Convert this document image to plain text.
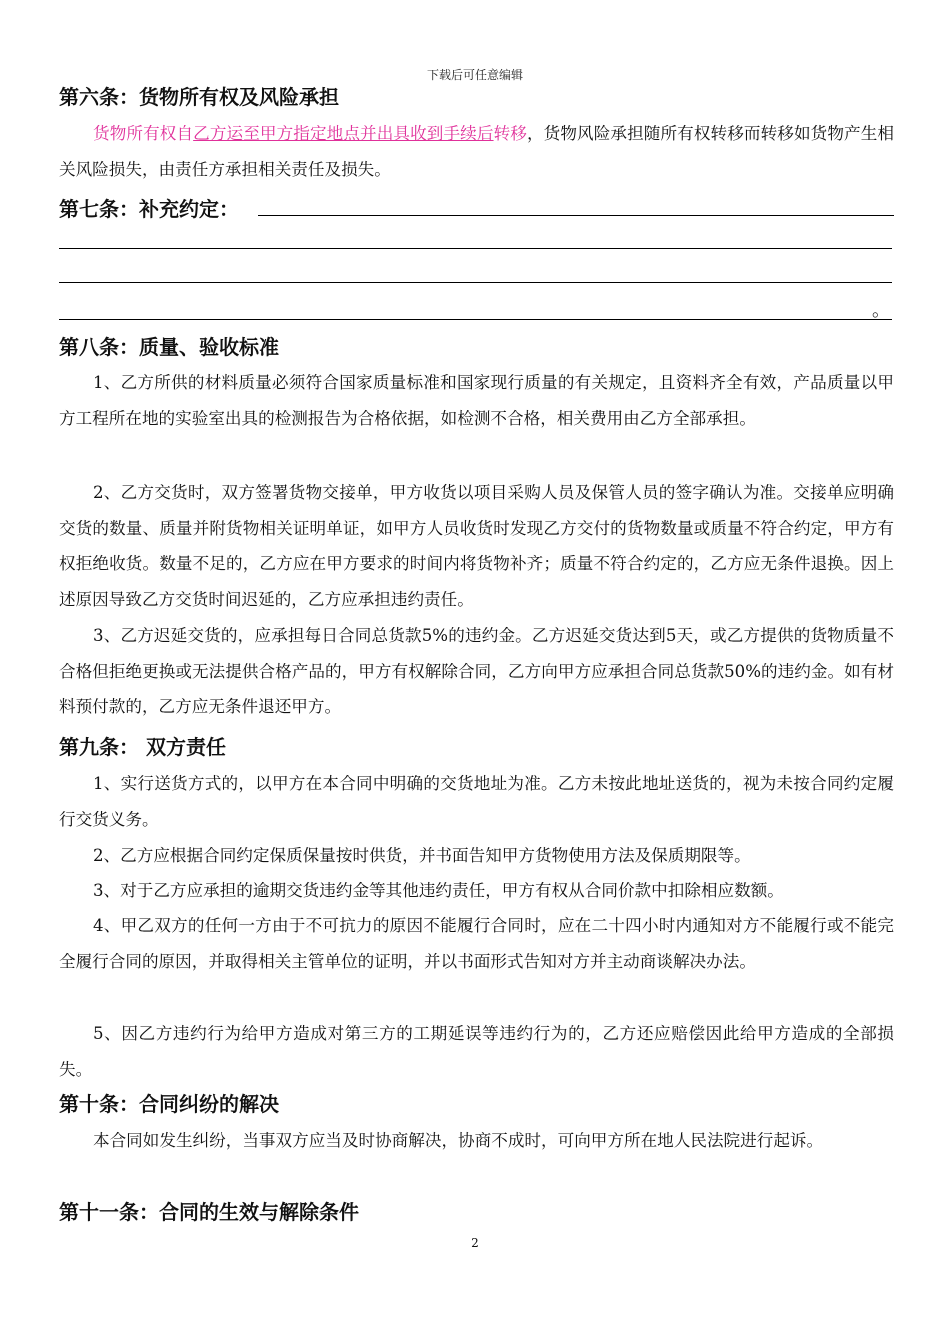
下载后可任意编辑
第六条：货物所有权及风险承担
货物所有权自乙方运至甲方指定地点并出具收到手续后转移，货物风险承担随所有权转移而转移如货物产生相关风险损失，由责任方承担相关责任及损失。
第七条：补充约定：
。
第八条：质量、验收标准
1、乙方所供的材料质量必须符合国家质量标准和国家现行质量的有关规定，且资料齐全有效，产品质量以甲方工程所在地的实验室出具的检测报告为合格依据，如检测不合格，相关费用由乙方全部承担。
2、乙方交货时，双方签署货物交接单，甲方收货以项目采购人员及保管人员的签字确认为准。交接单应明确交货的数量、质量并附货物相关证明单证，如甲方人员收货时发现乙方交付的货物数量或质量不符合约定，甲方有权拒绝收货。数量不足的，乙方应在甲方要求的时间内将货物补齐；质量不符合约定的，乙方应无条件退换。因上述原因导致乙方交货时间迟延的，乙方应承担违约责任。
3、乙方迟延交货的，应承担每日合同总货款5%的违约金。乙方迟延交货达到5天，或乙方提供的货物质量不合格但拒绝更换或无法提供合格产品的，甲方有权解除合同，乙方向甲方应承担合同总货款50%的违约金。如有材料预付款的，乙方应无条件退还甲方。
第九条： 双方责任
1、实行送货方式的，以甲方在本合同中明确的交货地址为准。乙方未按此地址送货的，视为未按合同约定履行交货义务。
2、乙方应根据合同约定保质保量按时供货，并书面告知甲方货物使用方法及保质期限等。
3、对于乙方应承担的逾期交货违约金等其他违约责任，甲方有权从合同价款中扣除相应数额。
4、甲乙双方的任何一方由于不可抗力的原因不能履行合同时，应在二十四小时内通知对方不能履行或不能完全履行合同的原因，并取得相关主管单位的证明，并以书面形式告知对方并主动商谈解决办法。
5、因乙方违约行为给甲方造成对第三方的工期延误等违约行为的，乙方还应赔偿因此给甲方造成的全部损失。
第十条：合同纠纷的解决
本合同如发生纠纷，当事双方应当及时协商解决，协商不成时，可向甲方所在地人民法院进行起诉。
第十一条：合同的生效与解除条件
2
